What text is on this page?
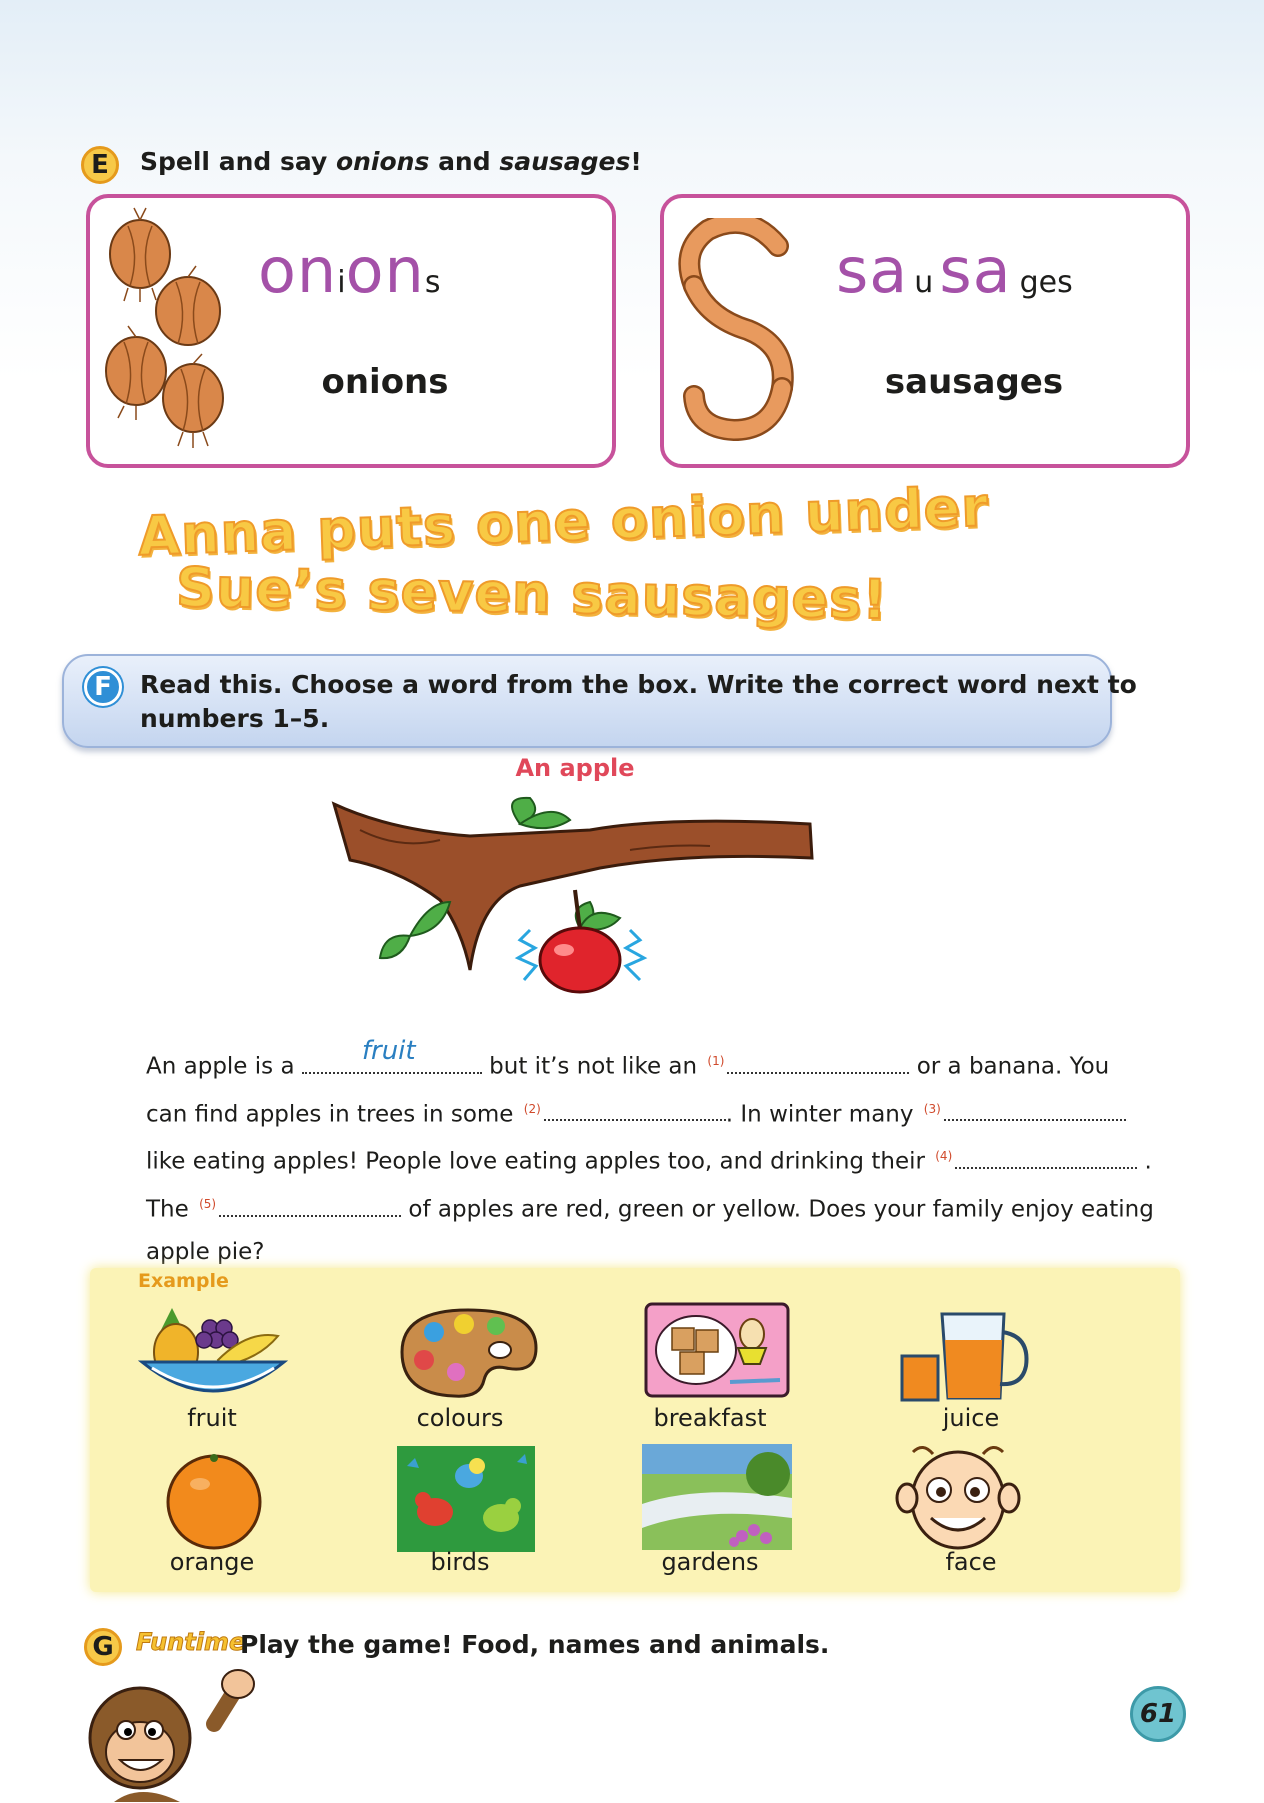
E Spell and say onions and sausages!
onions
onions
sa usa ges
sausages
Anna puts one onion under
Sue’s seven sausages!
F Read this. Choose a word from the box. Write the correct word next to
numbers 1–5.
An apple
An apple is a
fruit
but it’s not like an $^{(1)}$	or a banana. You
can find apples in trees in some $^{(2)}$	. In winter many $^{(3)}$
like eating apples! People love eating apples too, and drinking their $^{(4)}$	.
The $^{(5)}$	of apples are red, green or yellow. Does your family enjoy eating
apple pie?
Example
fruit	colours	breakfast	juice
orange	birds	gardens	face
G Funtime
Play the game! Food, names and animals.
61
